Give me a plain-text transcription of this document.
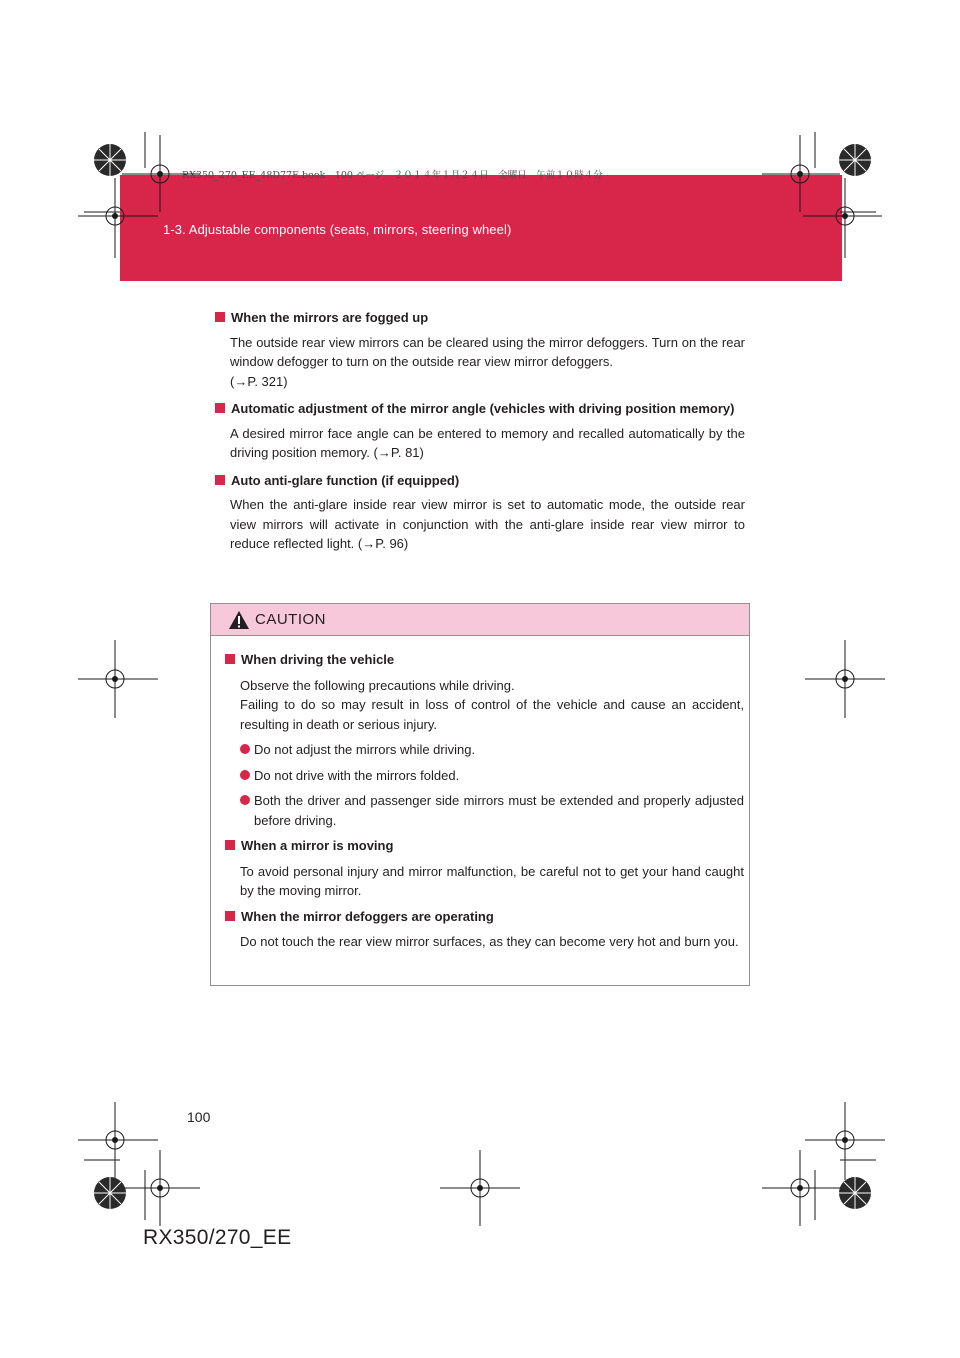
1-3. Adjustable components (seats, mirrors, steering wheel)
RX350_270_EE_48D77E.book　100 ページ　２０１４年１月２４日　金曜日　午前１０時４分
When the mirrors are fogged up
The outside rear view mirrors can be cleared using the mirror defoggers. Turn on the rear window defogger to turn on the outside rear view mirror defoggers.
(→P. 321)
Automatic adjustment of the mirror angle (vehicles with driving position memory)
A desired mirror face angle can be entered to memory and recalled automatically by the driving position memory. (→P. 81)
Auto anti-glare function (if equipped)
When the anti-glare inside rear view mirror is set to automatic mode, the outside rear view mirrors will activate in conjunction with the anti-glare inside rear view mirror to reduce reflected light. (→P. 96)
CAUTION
When driving the vehicle
Observe the following precautions while driving.
Failing to do so may result in loss of control of the vehicle and cause an accident, resulting in death or serious injury.
Do not adjust the mirrors while driving.
Do not drive with the mirrors folded.
Both the driver and passenger side mirrors must be extended and properly adjusted before driving.
When a mirror is moving
To avoid personal injury and mirror malfunction, be careful not to get your hand caught by the moving mirror.
When the mirror defoggers are operating
Do not touch the rear view mirror surfaces, as they can become very hot and burn you.
100
RX350/270_EE
